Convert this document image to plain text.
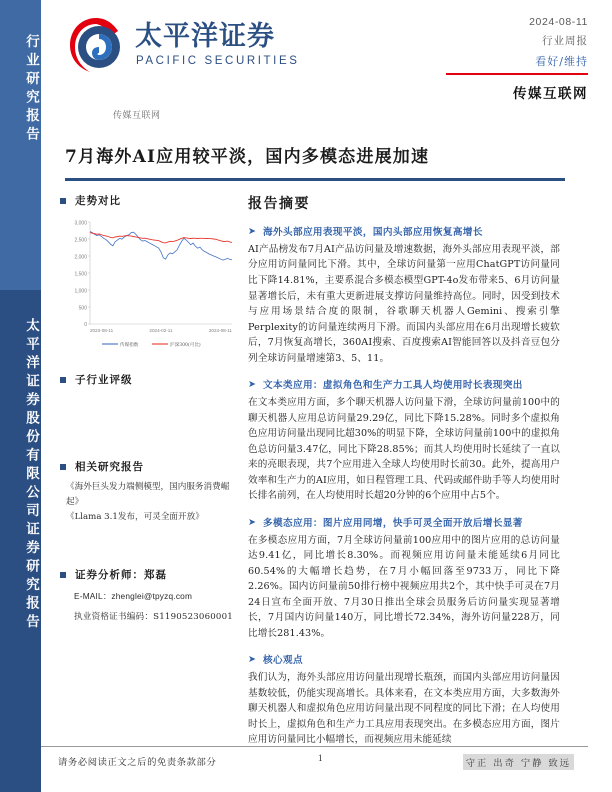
行业研究报告
太平洋证券股份有限公司证券研究报告
太平洋证券
PACIFIC SECURITIES
传媒互联网
2024-08-11
行业周报
看好/维持
传媒互联网
7月海外AI应用较平淡，国内多模态进展加速
走势对比
3,000
2,500
2,000
1,500
1,000
500
0
2023-08-11	2024-02-11	2024-08-11
传媒指数	沪深300(可比)
子行业评级
相关研究报告
《海外巨头发力端侧模型，国内服务消费崛起》
《Llama 3.1发布，可灵全面开放》
证券分析师：郑磊
E-MAIL：zhenglei@tpyzq.com
执业资格证书编码：S1190523060001
报告摘要
➤ 海外头部应用表现平淡，国内头部应用恢复高增长
AI产品榜发布7月AI产品访问量及增速数据，海外头部应用表现平淡，部分应用访问量同比下滑。其中，全球访问量第一应用ChatGPT访问量同比下降14.81%，主要系混合多模态模型GPT-4o发布带来5、6月访问量显著增长后，未有重大更新进展支撑访问量维持高位。同时，因受到技术与应用场景结合度的限制，谷歌聊天机器人Gemini、搜索引擎Perplexity的访问量连续两月下滑。而国内头部应用在6月出现增长疲软后，7月恢复高增长，360AI搜索、百度搜索AI智能回答以及抖音豆包分列全球访问量增速第3、5、11。
➤ 文本类应用：虚拟角色和生产力工具人均使用时长表现突出
在文本类应用方面，多个聊天机器人访问量下滑，全球访问量前100中的聊天机器人应用总访问量29.29亿，同比下降15.28%。同时多个虚拟角色应用访问量出现同比超30%的明显下降，全球访问量前100中的虚拟角色总访问量3.47亿，同比下降28.85%；而其人均使用时长延续了一直以来的亮眼表现，共7个应用进入全球人均使用时长前30。此外，提高用户效率和生产力的AI应用，如日程管理工具、代码或邮件助手等人均使用时长排名前列，在人均使用时长超20分钟的6个应用中占5个。
➤ 多模态应用：图片应用同增，快手可灵全面开放后增长显著
在多模态应用方面，7月全球访问量前100应用中的图片应用的总访问量达9.41亿，同比增长8.30%。而视频应用访问量未能延续6月同比60.54%的大幅增长趋势，在7月小幅回落至9733万，同比下降2.26%。国内访问量前50排行榜中视频应用共2个，其中快手可灵在7月24日宣布全面开放、7月30日推出全球会员服务后访问量实现显著增长，7月国内访问量140万，同比增长72.34%，海外访问量228万，同比增长281.43%。
➤ 核心观点
我们认为，海外头部应用访问量出现增长瓶颈，而国内头部应用访问量因基数较低，仍能实现高增长。具体来看，在文本类应用方面，大多数海外聊天机器人和虚拟角色应用访问量出现不同程度的同比下滑；在人均使用时长上，虚拟角色和生产力工具应用表现突出。在多模态应用方面，图片应用访问量同比小幅增长，而视频应用未能延续
请务必阅读正文之后的免责条款部分	1	守正 出奇 宁静 致远
